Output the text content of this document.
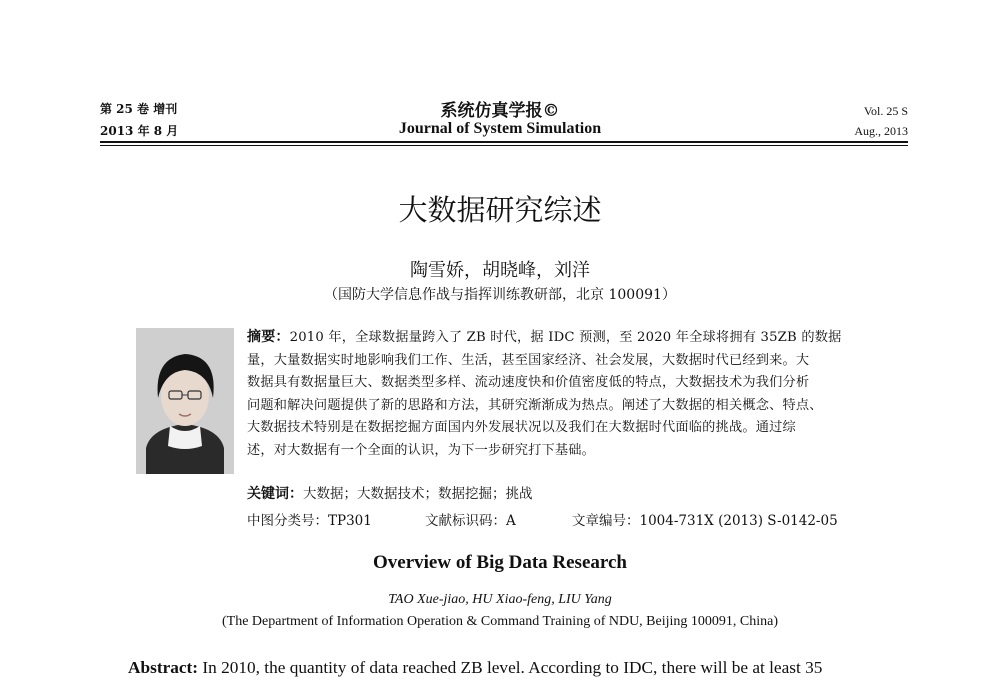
第 25 卷 增刊
2013 年 8 月
系统仿真学报©
Journal of System Simulation
Vol. 25 S
Aug., 2013
大数据研究综述
陶雪娇，胡晓峰，刘洋
（国防大学信息作战与指挥训练教研部，北京 100091）
摘要：2010 年，全球数据量跨入了 ZB 时代，据 IDC 预测，至 2020 年全球将拥有 35ZB 的数据
量，大量数据实时地影响我们工作、生活，甚至国家经济、社会发展，大数据时代已经到来。大
数据具有数据量巨大、数据类型多样、流动速度快和价值密度低的特点，大数据技术为我们分析
问题和解决问题提供了新的思路和方法，其研究渐渐成为热点。阐述了大数据的相关概念、特点、
大数据技术特别是在数据挖掘方面国内外发展状况以及我们在大数据时代面临的挑战。通过综
述，对大数据有一个全面的认识，为下一步研究打下基础。
关键词：大数据；大数据技术；数据挖掘；挑战
中图分类号：TP301	文献标识码：A	文章编号：1004-731X (2013) S-0142-05
Overview of Big Data Research
TAO Xue-jiao, HU Xiao-feng, LIU Yang
(The Department of Information Operation & Command Training of NDU, Beijing 100091, China)
Abstract: In 2010, the quantity of data reached ZB level. According to IDC, there will be at least 35
